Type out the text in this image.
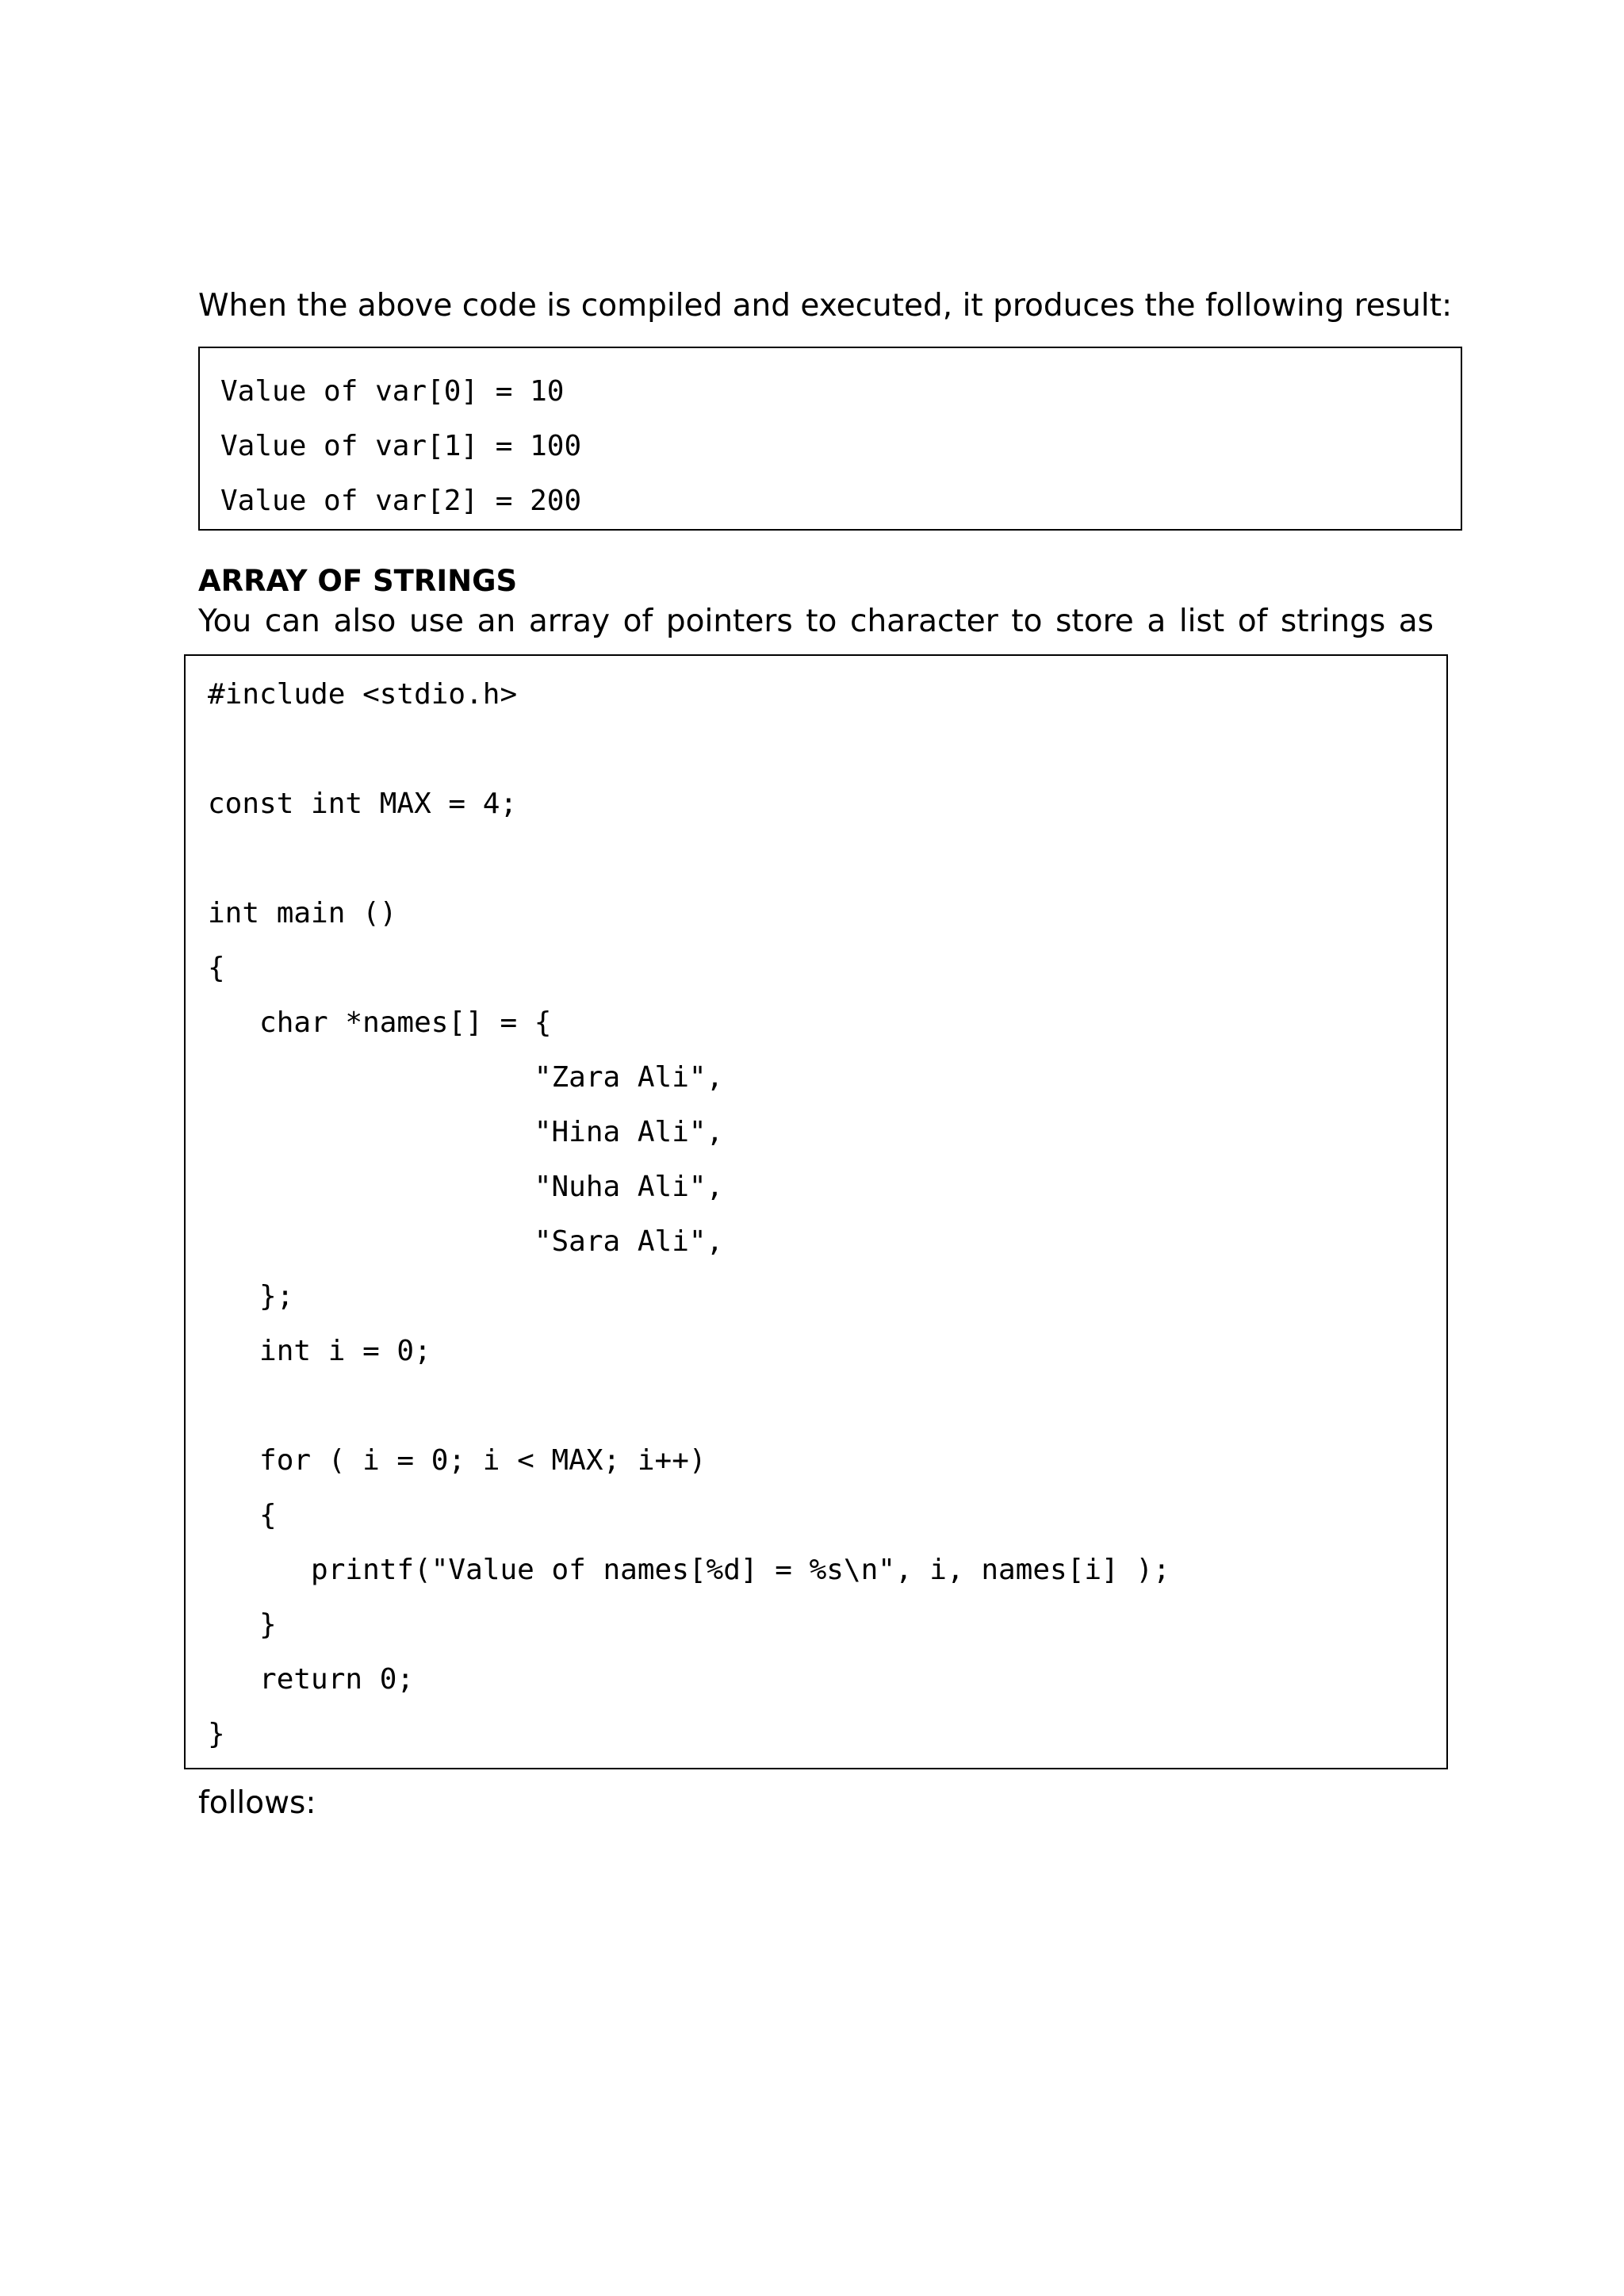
When the above code is compiled and executed, it produces the following result:
Value of var[0] = 10
Value of var[1] = 100
Value of var[2] = 200
ARRAY OF STRINGS
You can also use an array of pointers to character to store a list of strings as
#include <stdio.h>
const int MAX = 4;
int main ()
{
char *names[] = {
"Zara Ali",
"Hina Ali",
"Nuha Ali",
"Sara Ali",
};
int i = 0;
for ( i = 0; i < MAX; i++)
{
printf("Value of names[%d] = %s\n", i, names[i] );
}
return 0;
}
follows:
